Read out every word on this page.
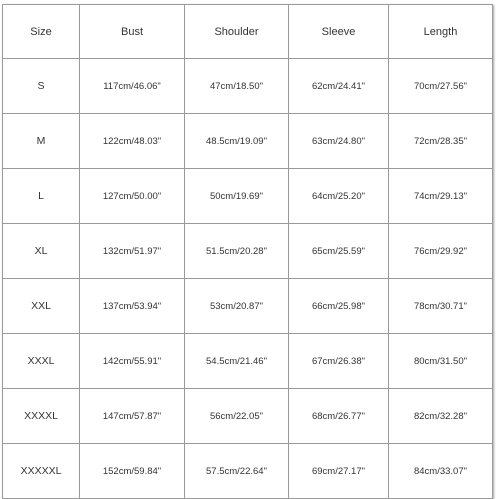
Size	Bust	Shoulder	Sleeve	Length
S	117cm/46.06"	47cm/18.50"	62cm/24.41"	70cm/27.56"
M	122cm/48.03"	48.5cm/19.09"	63cm/24.80"	72cm/28.35"
L	127cm/50.00"	50cm/19.69"	64cm/25.20"	74cm/29.13"
XL	132cm/51.97"	51.5cm/20.28"	65cm/25.59"	76cm/29.92"
XXL	137cm/53.94"	53cm/20.87"	66cm/25.98"	78cm/30.71"
XXXL	142cm/55.91"	54.5cm/21.46"	67cm/26.38"	80cm/31.50"
XXXXL	147cm/57.87"	56cm/22.05"	68cm/26.77"	82cm/32.28"
XXXXXL	152cm/59.84"	57.5cm/22.64"	69cm/27.17"	84cm/33.07"
